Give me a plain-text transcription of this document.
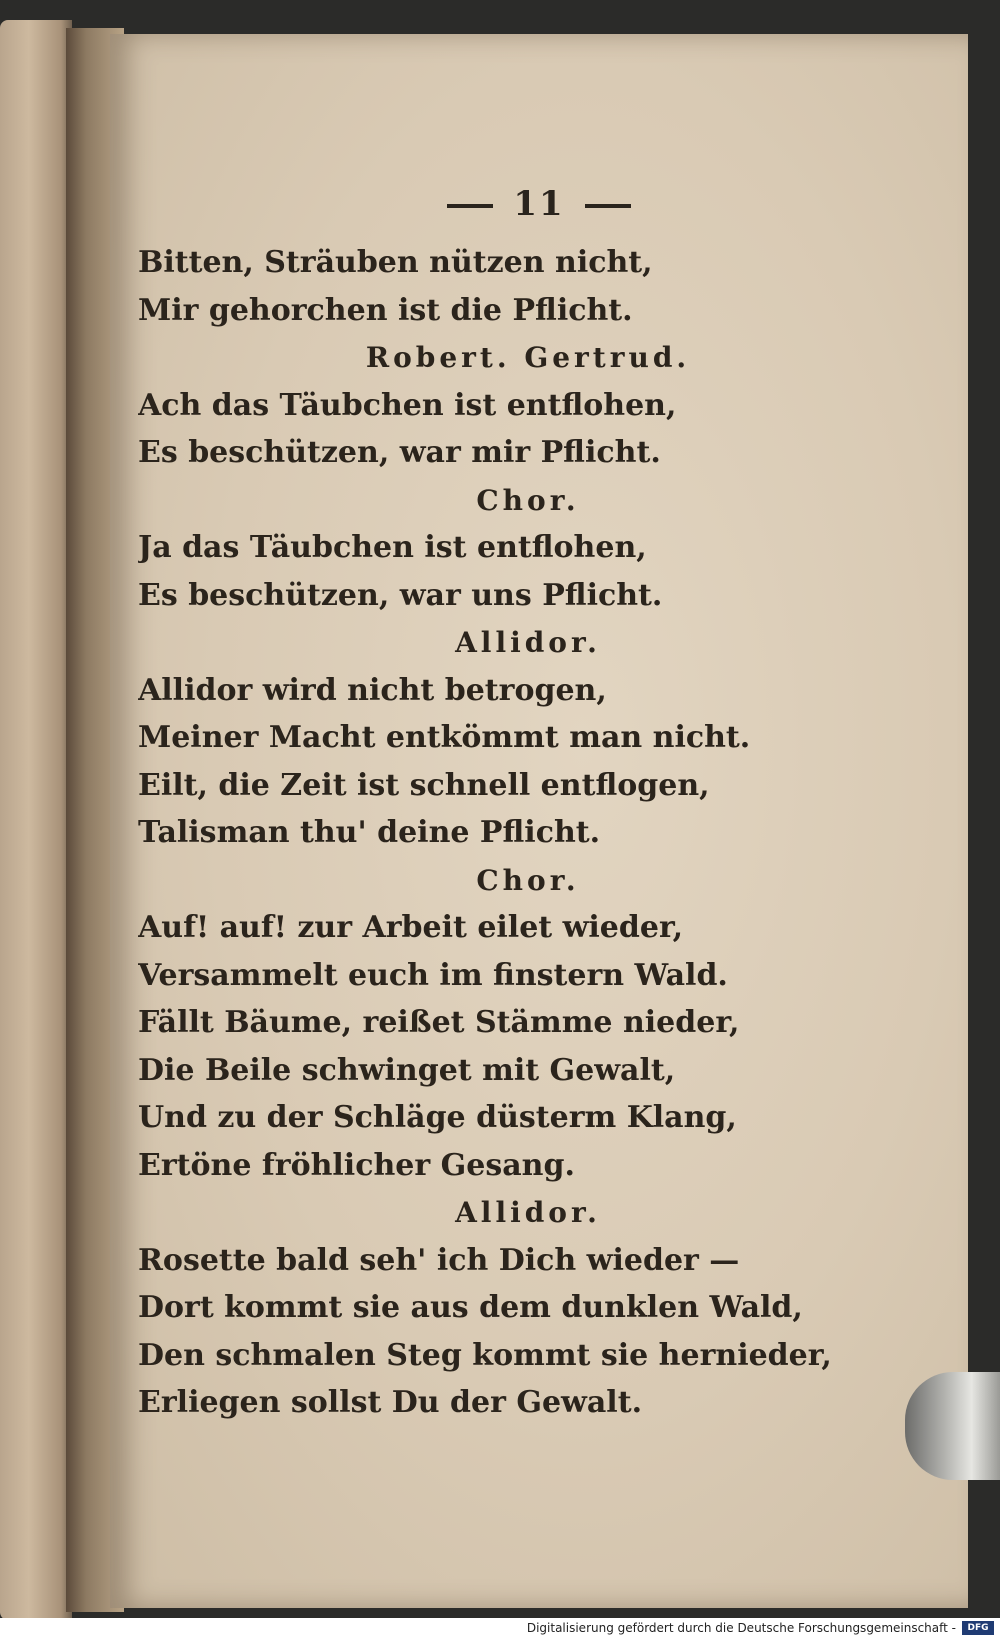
11
Bitten, Sträuben nützen nicht,
Mir gehorchen ist die Pflicht.
Robert. Gertrud.
Ach das Täubchen ist entflohen,
Es beschützen, war mir Pflicht.
Chor.
Ja das Täubchen ist entflohen,
Es beschützen, war uns Pflicht.
Allidor.
Allidor wird nicht betrogen,
Meiner Macht entkömmt man nicht.
Eilt, die Zeit ist schnell entflogen,
Talisman thu' deine Pflicht.
Chor.
Auf! auf! zur Arbeit eilet wieder,
Versammelt euch im finstern Wald.
Fällt Bäume, reißet Stämme nieder,
Die Beile schwinget mit Gewalt,
Und zu der Schläge düsterm Klang,
Ertöne fröhlicher Gesang.
Allidor.
Rosette bald seh' ich Dich wieder —
Dort kommt sie aus dem dunklen Wald,
Den schmalen Steg kommt sie hernieder,
Erliegen sollst Du der Gewalt.
Digitalisierung gefördert durch die Deutsche Forschungsgemeinschaft -	DFG
